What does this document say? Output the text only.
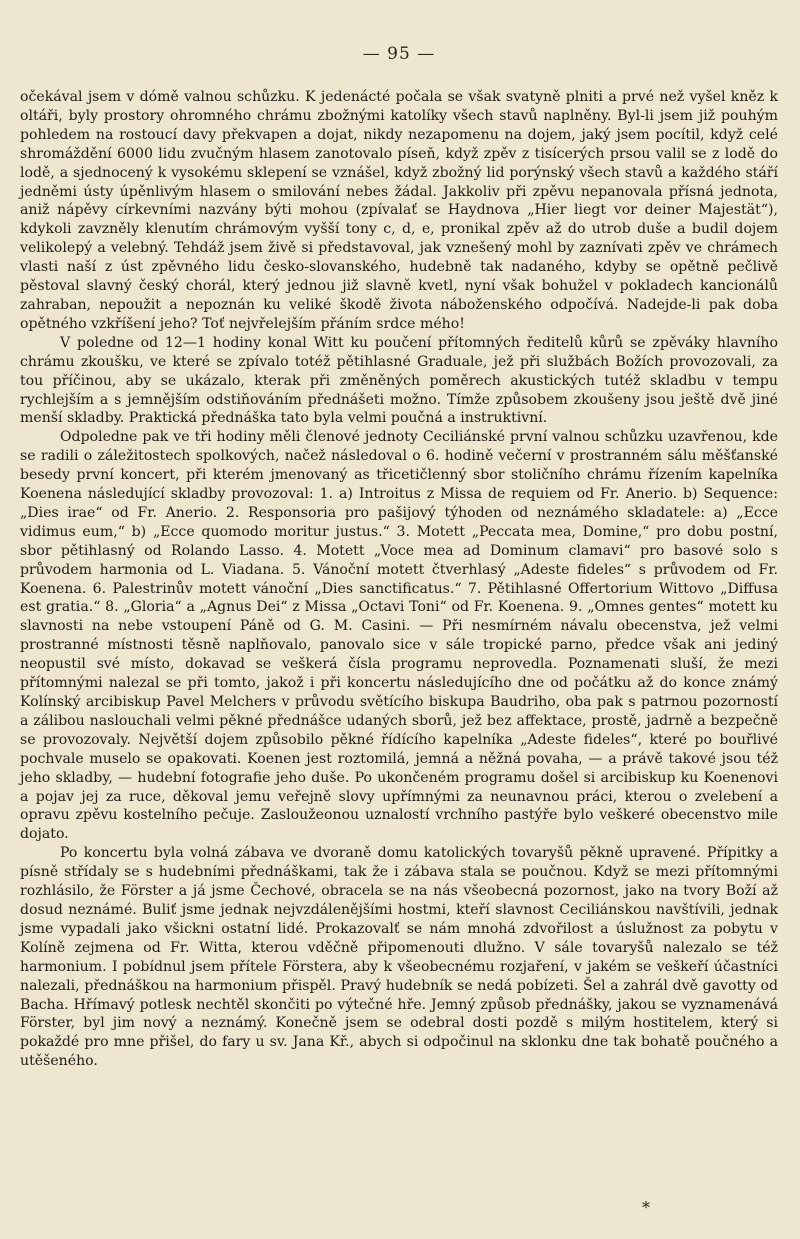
— 95 —

očekával jsem v dómě valnou schůzku. K jedenácté počala se však svatyně plniti a prvé než vyšel kněz k oltáři, byly prostory ohromného chrámu zbožnými katolíky všech stavů naplněny. Byl-li jsem již pouhým pohledem na rostoucí davy překvapen a dojat, nikdy nezapomenu na dojem, jaký jsem pocítil, když celé shromáždění 6000 lidu zvučným hlasem zanotovalo píseň, když zpěv z tisícerých prsou valil se z lodě do lodě, a sjednocený k vysokému sklepení se vznášel, když zbožný lid porýnský všech stavů a každého stáří jedněmi ústy úpěnlivým hlasem o smilování nebes žádal. Jakkoliv při zpěvu nepanovala přísná jednota, aniž nápěvy církevními nazvány býti mohou (zpívalať se Haydnova „Hier liegt vor deiner Majestät“), kdykoli zavzněly klenutím chrámovým vyšší tony c, d, e, pronikal zpěv až do utrob duše a budil dojem velikolepý a velebný. Tehdáž jsem živě si představoval, jak vznešený mohl by zaznívati zpěv ve chrámech vlasti naší z úst zpěvného lidu česko-slovanského, hudebně tak nadaného, kdyby se opětně pečlivě pěstoval slavný český chorál, který jednou již slavně kvetl, nyní však bohužel v pokladech kancionálů zahraban, nepoužit a nepoznán ku veliké škodě života náboženského odpočívá. Nadejde-li pak doba opětného vzkříšení jeho? Toť nejvřelejším přáním srdce mého!

V poledne od 12—1 hodiny konal Witt ku poučení přítomných ředitelů kůrů se zpěváky hlavního chrámu zkoušku, ve které se zpívalo totéž pětihlasné Graduale, jež při službách Božích provozovali, za tou příčinou, aby se ukázalo, kterak při změněných poměrech akustických tutéž skladbu v tempu rychlejším a s jemnějším odstiňováním přednášeti možno. Tímže způsobem zkoušeny jsou ještě dvě jiné menší skladby. Praktická přednáška tato byla velmi poučná a instruktivní.

Odpoledne pak ve tři hodiny měli členové jednoty Ceciliánské první valnou schůzku uzavřenou, kde se radili o záležitostech spolkových, načež následoval o 6. hodině večerní v prostranném sálu měšťanské besedy první koncert, při kterém jmenovaný as třicetičlenný sbor stoličního chrámu řízením kapelníka Koenena následující skladby provozoval: 1. a) Introitus z Missa de requiem od Fr. Anerio. b) Sequence: „Dies irae“ od Fr. Anerio. 2. Responsoria pro pašijový týhoden od neznámého skladatele: a) „Ecce vidimus eum,“ b) „Ecce quomodo moritur justus.“ 3. Motett „Peccata mea, Domine,“ pro dobu postní, sbor pětihlasný od Rolando Lasso. 4. Motett „Voce mea ad Dominum clamavi“ pro basové solo s průvodem harmonia od L. Viadana. 5. Vánoční motett čtverhlasý „Adeste fideles“ s průvodem od Fr. Koenena. 6. Palestrinův motett vánoční „Dies sanctificatus.“ 7. Pětihlasné Offertorium Wittovo „Diffusa est gratia.“ 8. „Gloria“ a „Agnus Dei“ z Missa „Octavi Toni“ od Fr. Koenena. 9. „Omnes gentes“ motett ku slavnosti na nebe vstoupení Páně od G. M. Casini. — Při nesmírném návalu obecenstva, jež velmi prostranné místnosti těsně naplňovalo, panovalo sice v sále tropické parno, předce však ani jediný neopustil své místo, dokavad se veškerá čísla programu neprovedla. Poznamenati sluší, že mezi přítomnými nalezal se při tomto, jakož i při koncertu následujícího dne od počátku až do konce známý Kolínský arcibiskup Pavel Melchers v průvodu světícího biskupa Baudriho, oba pak s patrnou pozorností a zálibou naslouchali velmi pěkné přednášce udaných sborů, jež bez affektace, prostě, jadrně a bezpečně se provozovaly. Největší dojem způsobilo pěkné řídícího kapelníka „Adeste fideles“, které po bouřlivé pochvale muselo se opakovati. Koenen jest roztomilá, jemná a něžná povaha, — a právě takové jsou též jeho skladby, — hudební fotografie jeho duše. Po ukončeném programu došel si arcibiskup ku Koenenovi a pojav jej za ruce, děkoval jemu veřejně slovy upřímnými za neunavnou práci, kterou o zvelebení a opravu zpěvu kostelního pečuje. Zasloužeonou uznalostí vrchního pastýře bylo veškeré obecenstvo mile dojato.

Po koncertu byla volná zábava ve dvoraně domu katolických tovaryšů pěkně upravené. Přípitky a písně střídaly se s hudebními přednáškami, tak že i zábava stala se poučnou. Když se mezi přítomnými rozhlásilo, že Förster a já jsme Čechové, obracela se na nás všeobecná pozornost, jako na tvory Boží až dosud neznámé. Buliť jsme jednak nejvzdálenějšími hostmi, kteří slavnost Ceciliánskou navštívili, jednak jsme vypadali jako všickni ostatní lidé. Prokazovalť se nám mnohá zdvořilost a úslužnost za pobytu v Kolíně zejmena od Fr. Witta, kterou vděčně připomenouti dlužno. V sále tovaryšů nalezalo se též harmonium. I pobídnul jsem přítele Förstera, aby k všeobecnému rozjaření, v jakém se veškeří účastníci nalezali, přednáškou na harmonium přispěl. Pravý hudebník se nedá pobízeti. Šel a zahrál dvě gavotty od Bacha. Hřímavý potlesk nechtěl skončiti po výtečné hře. Jemný způsob přednášky, jakou se vyznamenává Förster, byl jim nový a neznámý. Konečně jsem se odebral dosti pozdě s milým hostitelem, který si pokaždé pro mne přišel, do fary u sv. Jana Kř., abych si odpočinul na sklonku dne tak bohatě poučného a utěšeného.

*
